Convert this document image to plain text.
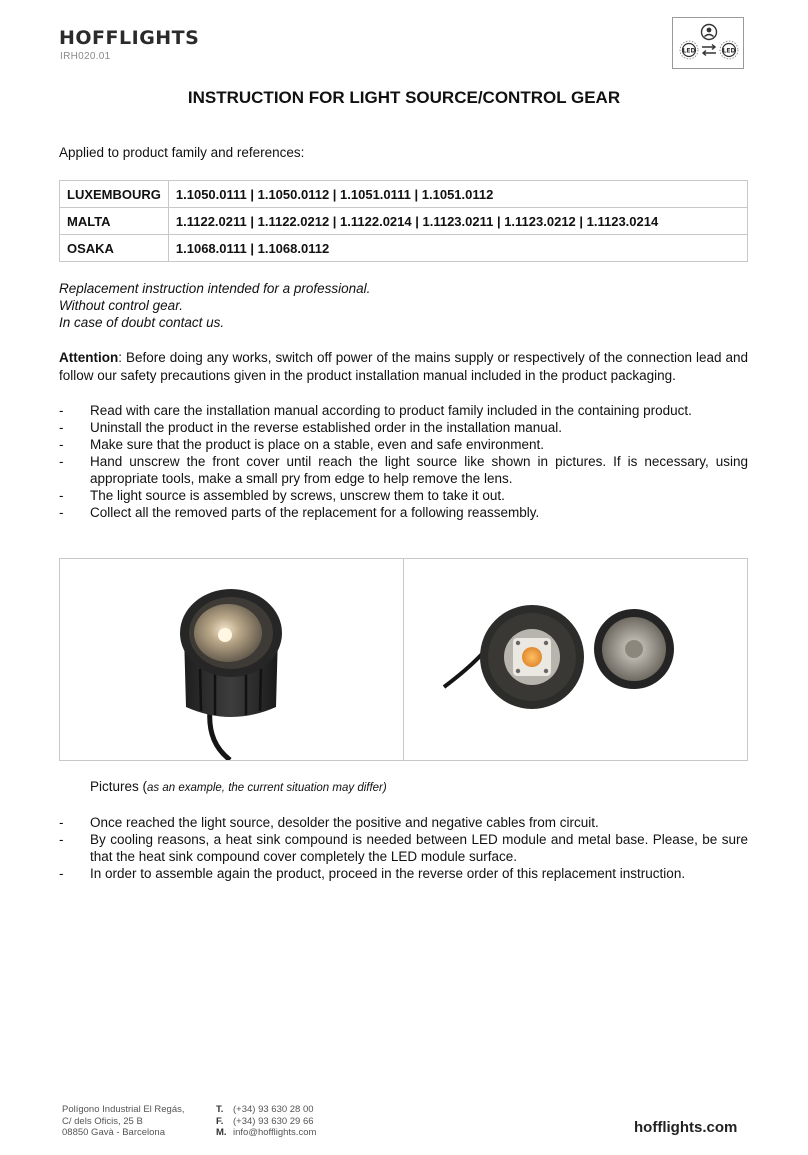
HOFFLIGHTS
IRH020.01	LED	LED
INSTRUCTION FOR LIGHT SOURCE/CONTROL GEAR
Applied to product family and references:
LUXEMBOURG	1.1050.0111 | 1.1050.0112 | 1.1051.0111 | 1.1051.0112
MALTA	1.1122.0211 | 1.1122.0212 | 1.1122.0214 | 1.1123.0211 | 1.1123.0212 | 1.1123.0214
OSAKA	1.1068.0111 | 1.1068.0112
Replacement instruction intended for a professional.
Without control gear.
In case of doubt contact us.
Attention: Before doing any works, switch off power of the mains supply or respectively of the connection lead and follow our safety precautions given in the product installation manual included in the product packaging.
- Read with care the installation manual according to product family included in the containing product.
- Uninstall the product in the reverse established order in the installation manual.
- Make sure that the product is place on a stable, even and safe environment.
- Hand unscrew the front cover until reach the light source like shown in pictures. If is necessary, using appropriate tools, make a small pry from edge to help remove the lens.
- The light source is assembled by screws, unscrew them to take it out.
- Collect all the removed parts of the replacement for a following reassembly.
Pictures (as an example, the current situation may differ)
- Once reached the light source, desolder the positive and negative cables from circuit.
- By cooling reasons, a heat sink compound is needed between LED module and metal base. Please, be sure that the heat sink compound cover completely the LED module surface.
- In order to assemble again the product, proceed in the reverse order of this replacement instruction.
Polígono Industrial El Regás,
C/ dels Oficis, 25 B
08850 Gavà - Barcelona
T. (+34) 93 630 28 00
F. (+34) 93 630 29 66
M. info@hofflights.com	hofflights.com
